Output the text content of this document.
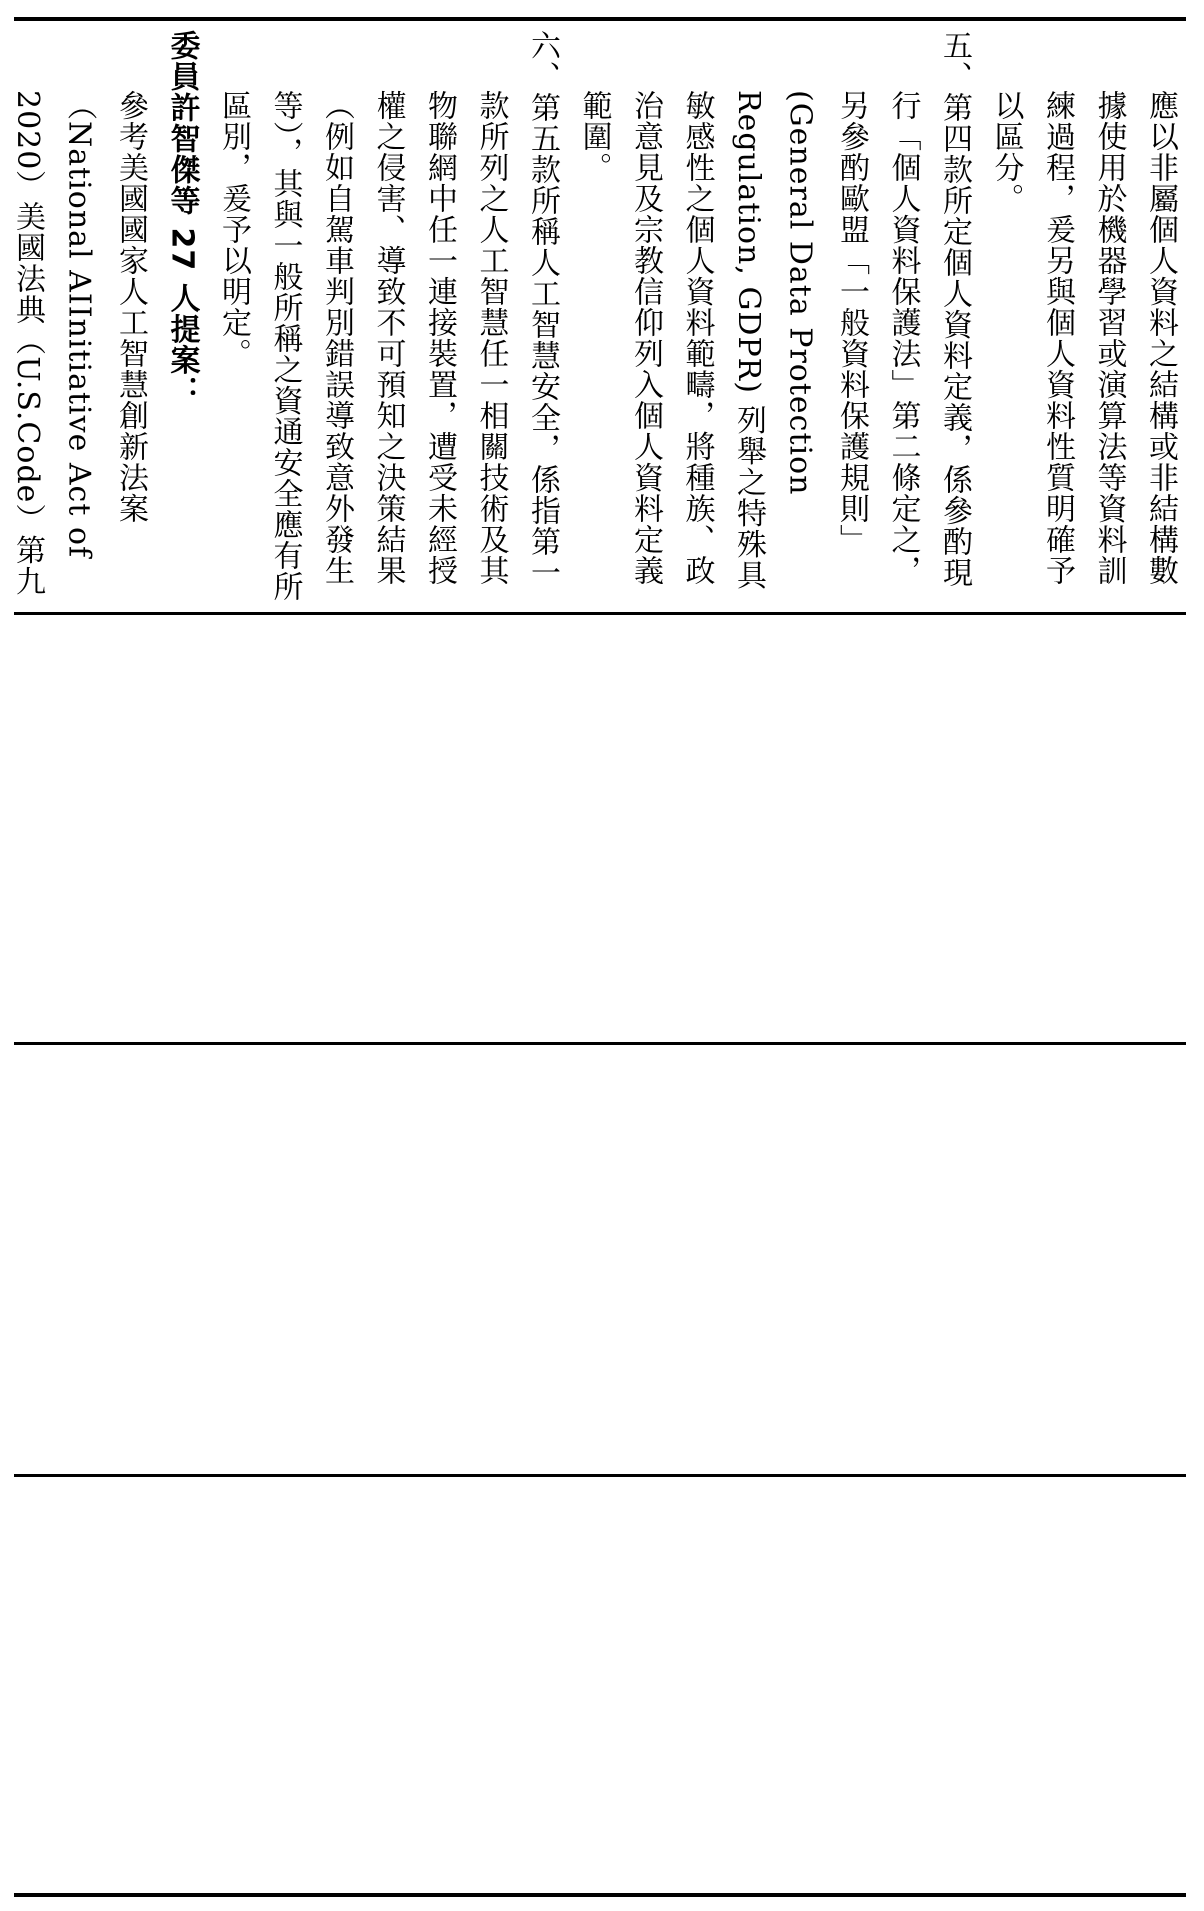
應以非屬個人資料之結構或非結構數據使用於機器學習或演算法等資料訓練過程，爰另與個人資料性質明確予以區分。

五、第四款所定個人資料定義，係參酌現行「個人資料保護法」第二條定之，另參酌歐盟「一般資料保護規則」(General Data Protection Regulation, GDPR) 列舉之特殊具敏感性之個人資料範疇，將種族、政治意見及宗教信仰列入個人資料定義範圍。

六、第五款所稱人工智慧安全，係指第一款所列之人工智慧任一相關技術及其物聯網中任一連接裝置，遭受未經授權之侵害、導致不可預知之決策結果（例如自駕車判別錯誤導致意外發生等），其與一般所稱之資通安全應有所區別，爰予以明定。

委員許智傑等 27 人提案：

參考美國國家人工智慧創新法案（National AIInitiative Act of 2020）美國法典（U.S.Code）第九
